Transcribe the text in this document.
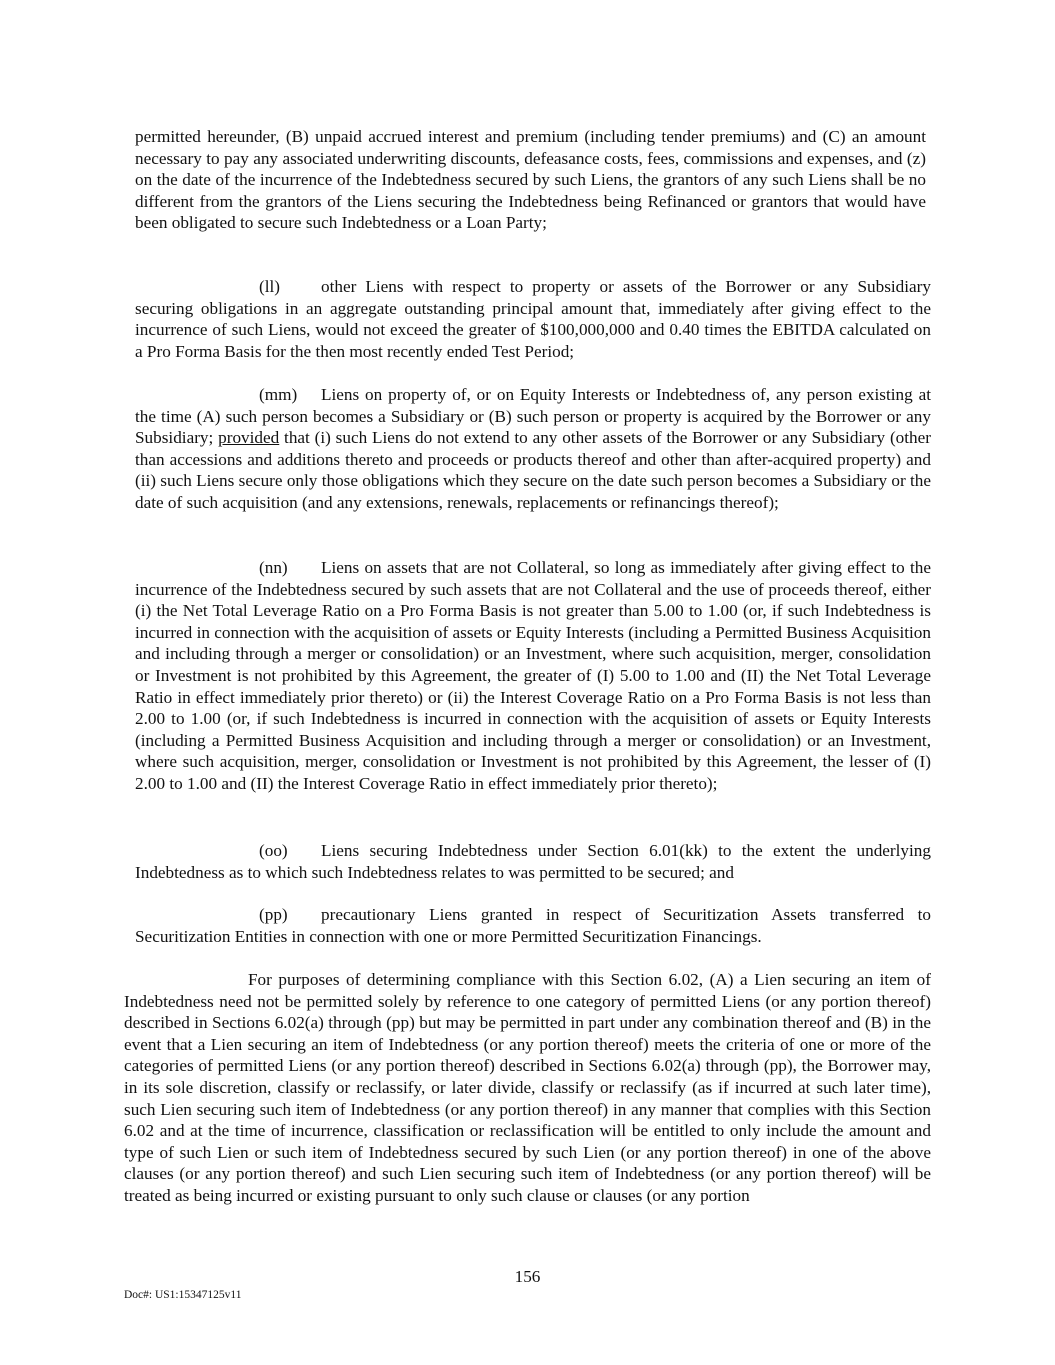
permitted hereunder, (B) unpaid accrued interest and premium (including tender premiums) and (C) an amount necessary to pay any associated underwriting discounts, defeasance costs, fees, commissions and expenses, and (z) on the date of the incurrence of the Indebtedness secured by such Liens, the grantors of any such Liens shall be no different from the grantors of the Liens securing the Indebtedness being Refinanced or grantors that would have been obligated to secure such Indebtedness or a Loan Party;

(ll) other Liens with respect to property or assets of the Borrower or any Subsidiary securing obligations in an aggregate outstanding principal amount that, immediately after giving effect to the incurrence of such Liens, would not exceed the greater of $100,000,000 and 0.40 times the EBITDA calculated on a Pro Forma Basis for the then most recently ended Test Period;

(mm) Liens on property of, or on Equity Interests or Indebtedness of, any person existing at the time (A) such person becomes a Subsidiary or (B) such person or property is acquired by the Borrower or any Subsidiary; provided that (i) such Liens do not extend to any other assets of the Borrower or any Subsidiary (other than accessions and additions thereto and proceeds or products thereof and other than after-acquired property) and (ii) such Liens secure only those obligations which they secure on the date such person becomes a Subsidiary or the date of such acquisition (and any extensions, renewals, replacements or refinancings thereof);

(nn) Liens on assets that are not Collateral, so long as immediately after giving effect to the incurrence of the Indebtedness secured by such assets that are not Collateral and the use of proceeds thereof, either (i) the Net Total Leverage Ratio on a Pro Forma Basis is not greater than 5.00 to 1.00 (or, if such Indebtedness is incurred in connection with the acquisition of assets or Equity Interests (including a Permitted Business Acquisition and including through a merger or consolidation) or an Investment, where such acquisition, merger, consolidation or Investment is not prohibited by this Agreement, the greater of (I) 5.00 to 1.00 and (II) the Net Total Leverage Ratio in effect immediately prior thereto) or (ii) the Interest Coverage Ratio on a Pro Forma Basis is not less than 2.00 to 1.00 (or, if such Indebtedness is incurred in connection with the acquisition of assets or Equity Interests (including a Permitted Business Acquisition and including through a merger or consolidation) or an Investment, where such acquisition, merger, consolidation or Investment is not prohibited by this Agreement, the lesser of (I) 2.00 to 1.00 and (II) the Interest Coverage Ratio in effect immediately prior thereto);

(oo) Liens securing Indebtedness under Section 6.01(kk) to the extent the underlying Indebtedness as to which such Indebtedness relates to was permitted to be secured; and

(pp) precautionary Liens granted in respect of Securitization Assets transferred to Securitization Entities in connection with one or more Permitted Securitization Financings.

For purposes of determining compliance with this Section 6.02, (A) a Lien securing an item of Indebtedness need not be permitted solely by reference to one category of permitted Liens (or any portion thereof) described in Sections 6.02(a) through (pp) but may be permitted in part under any combination thereof and (B) in the event that a Lien securing an item of Indebtedness (or any portion thereof) meets the criteria of one or more of the categories of permitted Liens (or any portion thereof) described in Sections 6.02(a) through (pp), the Borrower may, in its sole discretion, classify or reclassify, or later divide, classify or reclassify (as if incurred at such later time), such Lien securing such item of Indebtedness (or any portion thereof) in any manner that complies with this Section 6.02 and at the time of incurrence, classification or reclassification will be entitled to only include the amount and type of such Lien or such item of Indebtedness secured by such Lien (or any portion thereof) in one of the above clauses (or any portion thereof) and such Lien securing such item of Indebtedness (or any portion thereof) will be treated as being incurred or existing pursuant to only such clause or clauses (or any portion

156
Doc#: US1:15347125v11
